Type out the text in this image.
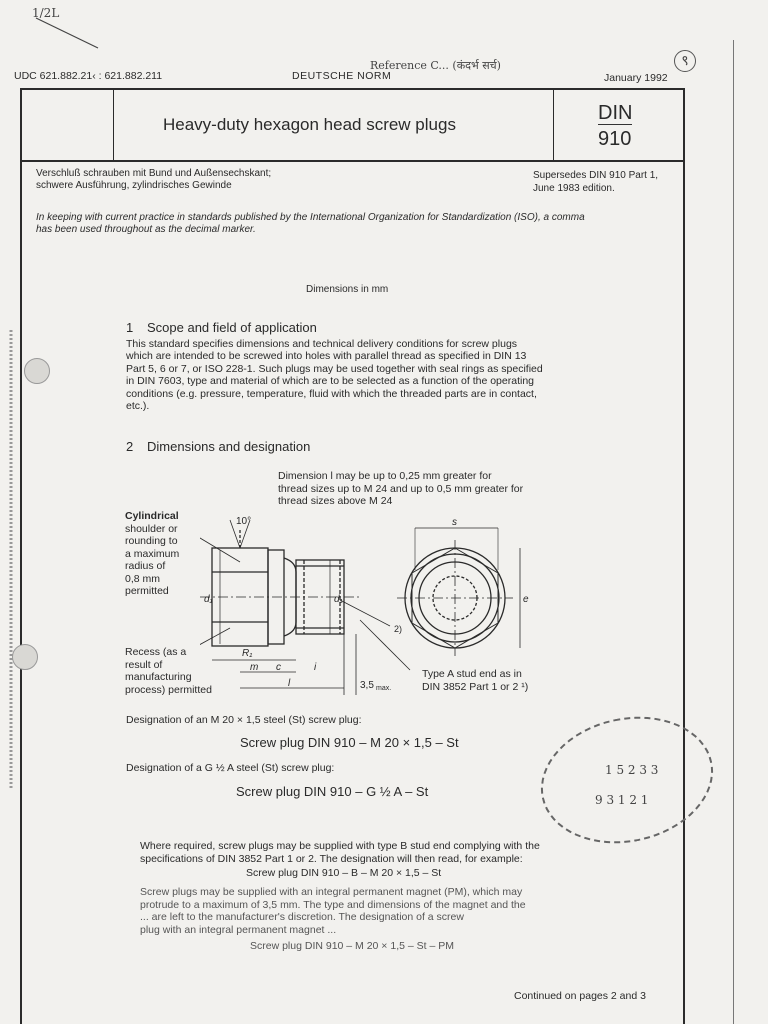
1/2L
UDC 621.882.21‹ : 621.882.211	DEUTSCHE NORM
Reference C... (कंदर्भ सर्च)
January 1992
९
Heavy-duty hexagon head screw plugs
DIN
910
Verschluß schrauben mit Bund und Außensechskant;
schwere Ausführung, zylindrisches Gewinde
Supersedes DIN 910 Part 1,
June 1983 edition.
In keeping with current practice in standards published by the International Organization for Standardization (ISO), a comma
has been used throughout as the decimal marker.
Dimensions in mm
1 Scope and field of application
This standard specifies dimensions and technical delivery conditions for screw plugs
which are intended to be screwed into holes with parallel thread as specified in DIN 13
Part 5, 6 or 7, or ISO 228-1. Such plugs may be used together with seal rings as specified
in DIN 7603, type and material of which are to be selected as a function of the operating
conditions (e.g. pressure, temperature, fluid with which the threaded parts are in contact,
etc.).
2 Dimensions and designation
Dimension l may be up to 0,25 mm greater for
thread sizes up to M 24 and up to 0,5 mm greater for
thread sizes above M 24
Cylindrical
shoulder or
rounding to
a maximum
radius of
0,8 mm
permitted
Recess (as a
result of
manufacturing
process) permitted
Type A stud end as in
DIN 3852 Part 1 or 2 ¹)
10°
d₁	d₁
R₁
m c	i
l	3,5 max.
s
e
2)
Designation of an M 20 × 1,5 steel (St) screw plug:
Screw plug DIN 910 – M 20 × 1,5 – St
Designation of a G ½ A steel (St) screw plug:
Screw plug DIN 910 – G ½ A – St
Where required, screw plugs may be supplied with type B stud end complying with the
specifications of DIN 3852 Part 1 or 2. The designation will then read, for example:
Screw plug DIN 910 – B – M 20 × 1,5 – St
Screw plugs may be supplied with an integral permanent magnet (PM), which may
protrude to a maximum of 3,5 mm. The type and dimensions of the magnet and the
... are left to the manufacturer's discretion. The designation of a screw
plug with an integral permanent magnet ...
Screw plug DIN 910 – M 20 × 1,5 – St – PM
1 5 2 3 3
9 3 1 2 1
Continued on pages 2 and 3
